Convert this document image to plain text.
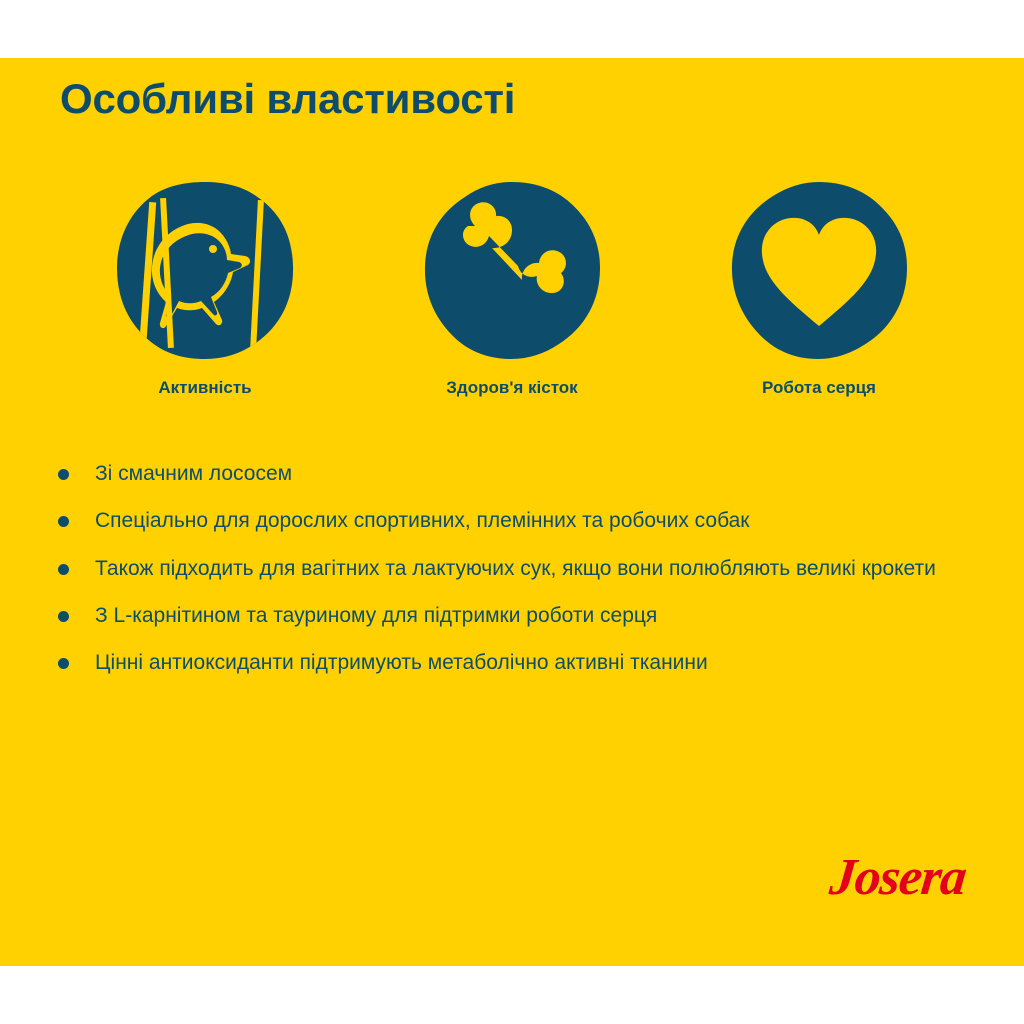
Особливі властивості
Активність	Здоров'я кісток	Робота серця
Зі смачним лососем
Спеціально для дорослих спортивних, племінних та робочих собак
Також підходить для вагітних та лактуючих сук, якщо вони полюбляють великі крокети
З L-карнітином та тауриному для підтримки роботи серця
Цінні антиоксиданти підтримують метаболічно активні тканини
Josera
